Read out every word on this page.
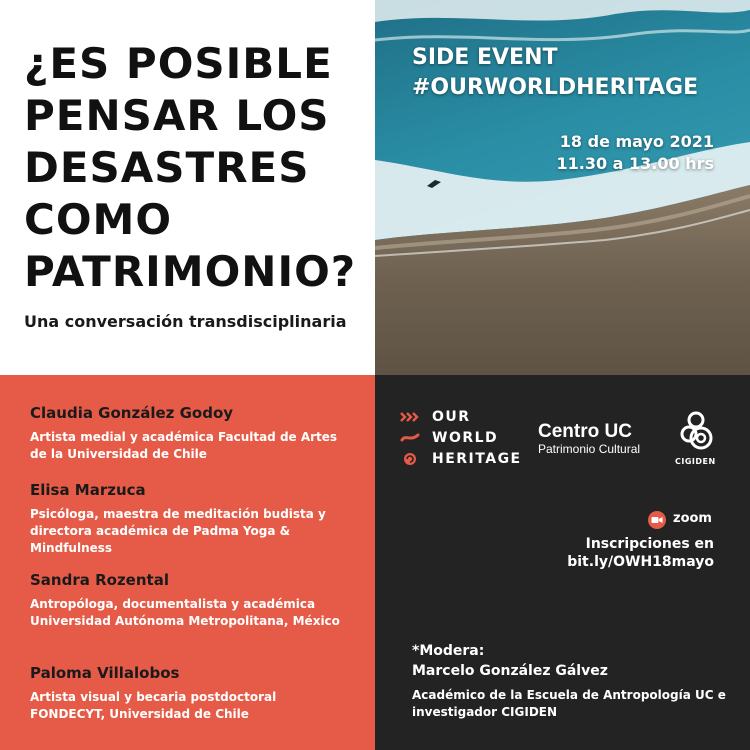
¿ES POSIBLE
PENSAR LOS
DESASTRES
COMO
PATRIMONIO?
Una conversación transdisciplinaria
SIDE EVENT
#OURWORLDHERITAGE
18 de mayo 2021
11.30 a 13.00 hrs
Claudia González Godoy
Artista medial y académica Facultad de Artes de la Universidad de Chile
Elisa Marzuca
Psicóloga, maestra de meditación budista y directora académica de Padma Yoga & Mindfulness
Sandra Rozental
Antropóloga, documentalista y académica Universidad Autónoma Metropolitana, México
Paloma Villalobos
Artista visual y becaria postdoctoral FONDECYT, Universidad de Chile
OUR
WORLD
HERITAGE
Centro UC
Patrimonio Cultural
CIGIDEN
zoom
Inscripciones en
bit.ly/OWH18mayo
*Modera:
Marcelo González Gálvez
Académico de la Escuela de Antropología UC e investigador CIGIDEN
